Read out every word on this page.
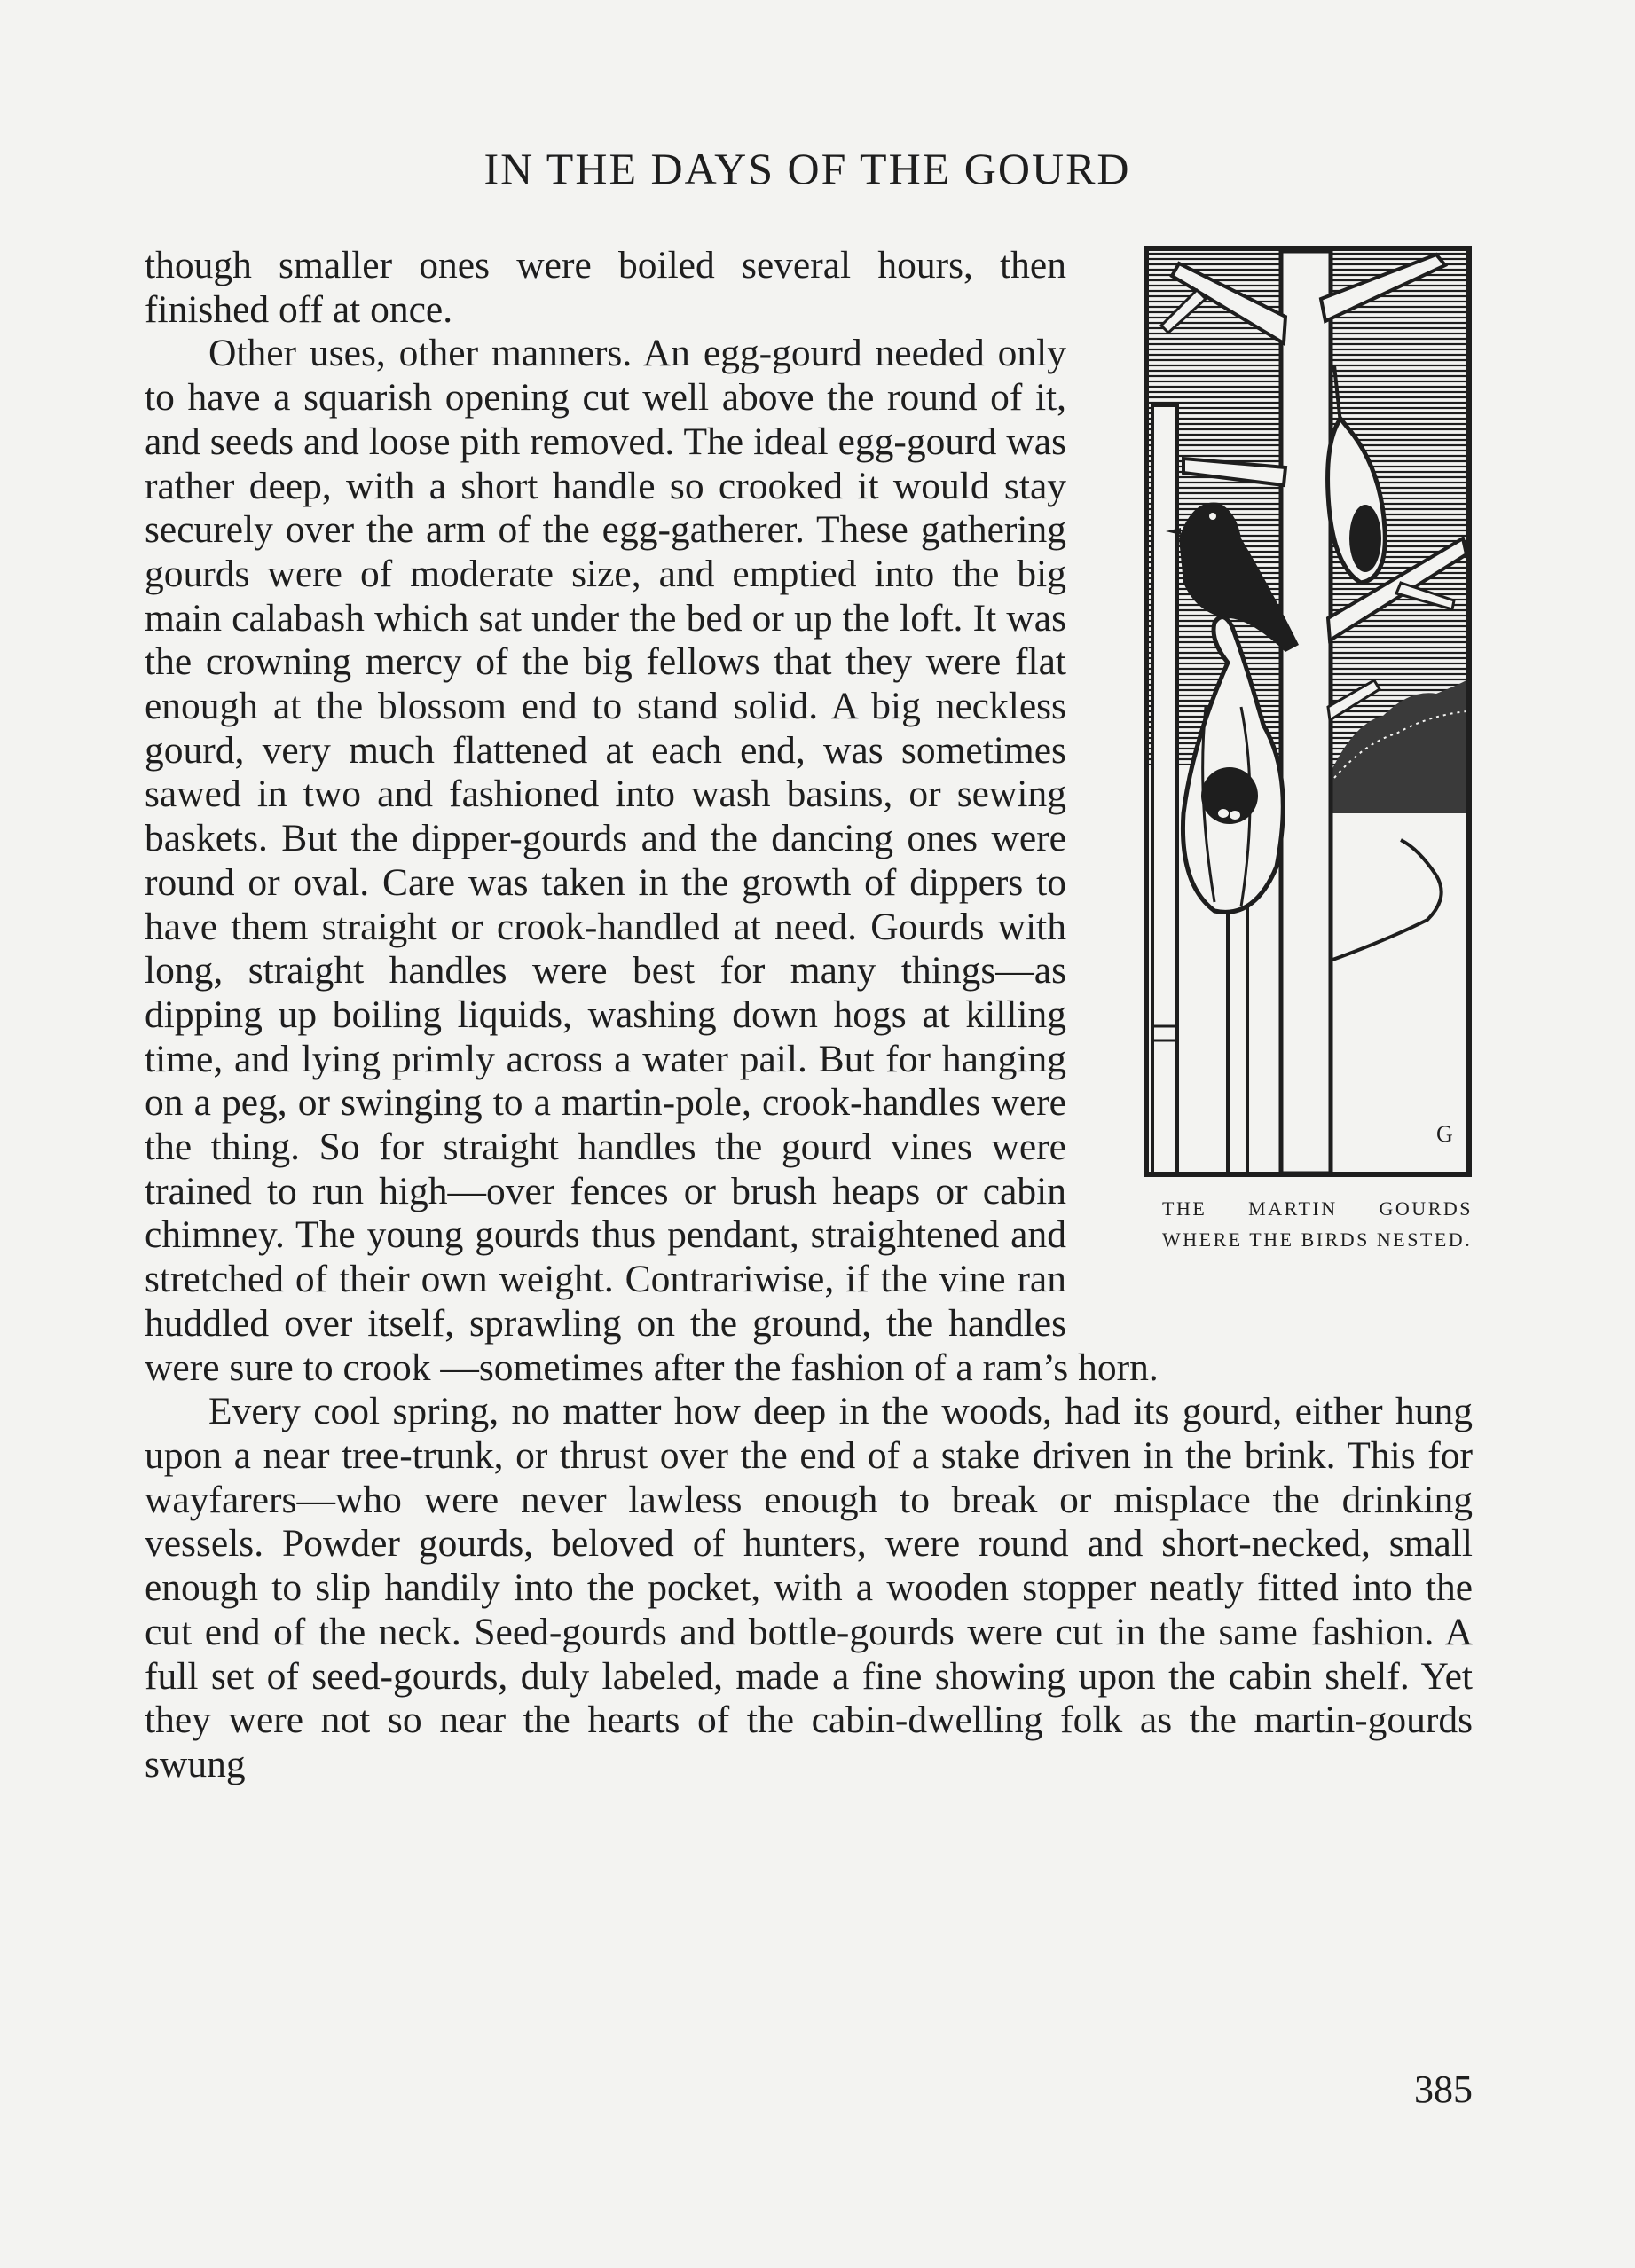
IN THE DAYS OF THE GOURD
G
THE MARTIN GOURDS WHERE THE BIRDS NESTED.

though smaller ones were boiled several hours, then finished off at once.

Other uses, other manners. An egg-gourd needed only to have a squarish opening cut well above the round of it, and seeds and loose pith removed. The ideal egg-gourd was rather deep, with a short handle so crooked it would stay securely over the arm of the egg-gatherer. These gathering gourds were of moderate size, and emptied into the big main calabash which sat under the bed or up the loft. It was the crowning mercy of the big fellows that they were flat enough at the blossom end to stand solid. A big neckless gourd, very much flattened at each end, was sometimes sawed in two and fashioned into wash basins, or sewing baskets. But the dipper-gourds and the dancing ones were round or oval. Care was taken in the growth of dippers to have them straight or crook-handled at need. Gourds with long, straight handles were best for many things—as dipping up boiling liquids, washing down hogs at killing time, and lying primly across a water pail. But for hanging on a peg, or swinging to a martin-pole, crook-handles were the thing. So for straight handles the gourd vines were trained to run high—over fences or brush heaps or cabin chimney. The young gourds thus pendant, straightened and stretched of their own weight. Contrariwise, if the vine ran huddled over itself, sprawling on the ground, the handles were sure to crook —sometimes after the fashion of a ram’s horn.

Every cool spring, no matter how deep in the woods, had its gourd, either hung upon a near tree-trunk, or thrust over the end of a stake driven in the brink. This for wayfarers—who were never lawless enough to break or misplace the drinking vessels. Powder gourds, beloved of hunters, were round and short-necked, small enough to slip handily into the pocket, with a wooden stopper neatly fitted into the cut end of the neck. Seed-gourds and bottle-gourds were cut in the same fashion. A full set of seed-gourds, duly labeled, made a fine showing upon the cabin shelf. Yet they were not so near the hearts of the cabin-dwelling folk as the martin-gourds swung

385
